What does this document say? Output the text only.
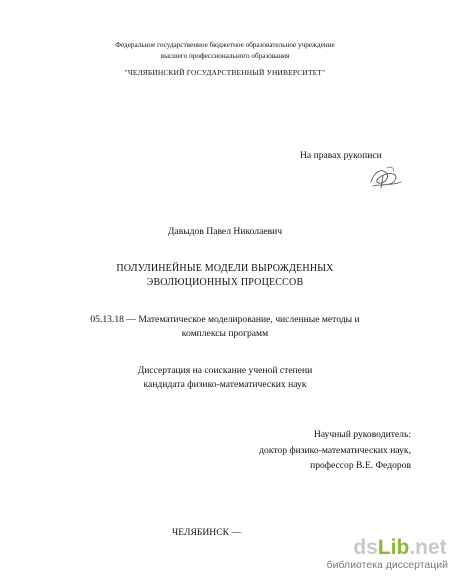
Федеральное государственное бюджетное образовательное учреждение
высшего профессионального образования
"ЧЕЛЯБИНСКИЙ ГОСУДАРСТВЕННЫЙ УНИВЕРСИТЕТ"
На правах рукописи
Давыдов Павел Николаевич
ПОЛУЛИНЕЙНЫЕ МОДЕЛИ ВЫРОЖДЕННЫХ
ЭВОЛЮЦИОННЫХ ПРОЦЕССОВ
05.13.18 — Математическое моделирование, численные методы и
комплексы программ
Диссертация на соискание ученой степени
кандидата физико-математических наук
Научный руководитель:
доктор физико-математических наук,
профессор В.Е. Федоров
ЧЕЛЯБИНСК —
dsLib.net
библиотека диссертаций
